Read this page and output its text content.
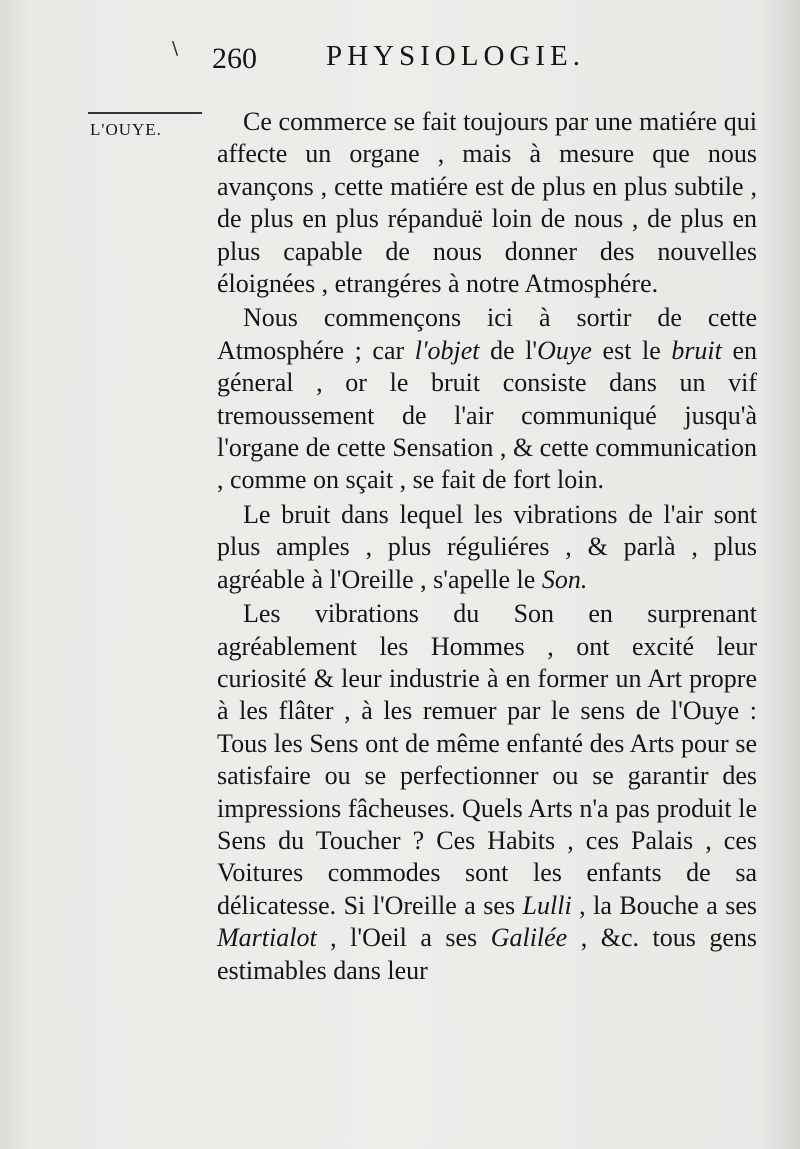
\ 260 PHYSIOLOGIE.
L'OUYE.	Ce commerce se fait toujours par une matiére qui affecte un organe , mais à mesure que nous avançons , cette matiére est de plus en plus subtile , de plus en plus répanduë loin de nous , de plus en plus capable de nous donner des nouvelles éloignées , etrangéres à notre Atmosphére.

Nous commençons ici à sortir de cette Atmosphére ; car l'objet de l'Ouye est le bruit en géneral , or le bruit consiste dans un vif tremoussement de l'air communiqué jusqu'à l'organe de cette Sensation , & cette communication , comme on sçait , se fait de fort loin.

Le bruit dans lequel les vibrations de l'air sont plus amples , plus réguliéres , & parlà , plus agréable à l'Oreille , s'apelle le Son.

Les vibrations du Son en surprenant agréablement les Hommes , ont excité leur curiosité & leur industrie à en former un Art propre à les flâter , à les remuer par le sens de l'Ouye : Tous les Sens ont de même enfanté des Arts pour se satisfaire ou se perfectionner ou se garantir des impressions fâcheuses. Quels Arts n'a pas produit le Sens du Toucher ? Ces Habits , ces Palais , ces Voitures commodes sont les enfants de sa délicatesse. Si l'Oreille a ses Lulli , la Bouche a ses Martialot , l'Oeil a ses Galilée , &c. tous gens estimables dans leur
